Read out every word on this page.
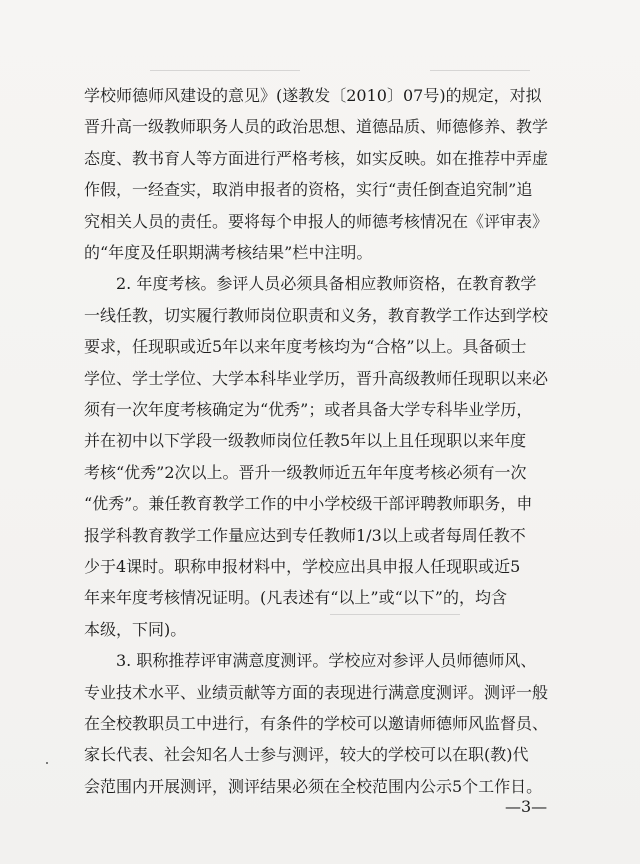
学校师德师风建设的意见》(遂教发〔2010〕07号)的规定，对拟
晋升高一级教师职务人员的政治思想、道德品质、师德修养、教学
态度、教书育人等方面进行严格考核，如实反映。如在推荐中弄虚
作假，一经查实，取消申报者的资格，实行“责任倒查追究制”追
究相关人员的责任。要将每个申报人的师德考核情况在《评审表》
的“年度及任职期满考核结果”栏中注明。
2. 年度考核。参评人员必须具备相应教师资格，在教育教学
一线任教，切实履行教师岗位职责和义务，教育教学工作达到学校
要求，任现职或近5年以来年度考核均为“合格”以上。具备硕士
学位、学士学位、大学本科毕业学历，晋升高级教师任现职以来必
须有一次年度考核确定为“优秀”；或者具备大学专科毕业学历，
并在初中以下学段一级教师岗位任教5年以上且任现职以来年度
考核“优秀”2次以上。晋升一级教师近五年年度考核必须有一次
“优秀”。兼任教育教学工作的中小学校级干部评聘教师职务，申
报学科教育教学工作量应达到专任教师1/3以上或者每周任教不
少于4课时。职称申报材料中，学校应出具申报人任现职或近5
年来年度考核情况证明。(凡表述有“以上”或“以下”的，均含
本级，下同)。
3. 职称推荐评审满意度测评。学校应对参评人员师德师风、
专业技术水平、业绩贡献等方面的表现进行满意度测评。测评一般
在全校教职员工中进行，有条件的学校可以邀请师德师风监督员、
家长代表、社会知名人士参与测评，较大的学校可以在职(教)代
会范围内开展测评，测评结果必须在全校范围内公示5个工作日。
—3—
